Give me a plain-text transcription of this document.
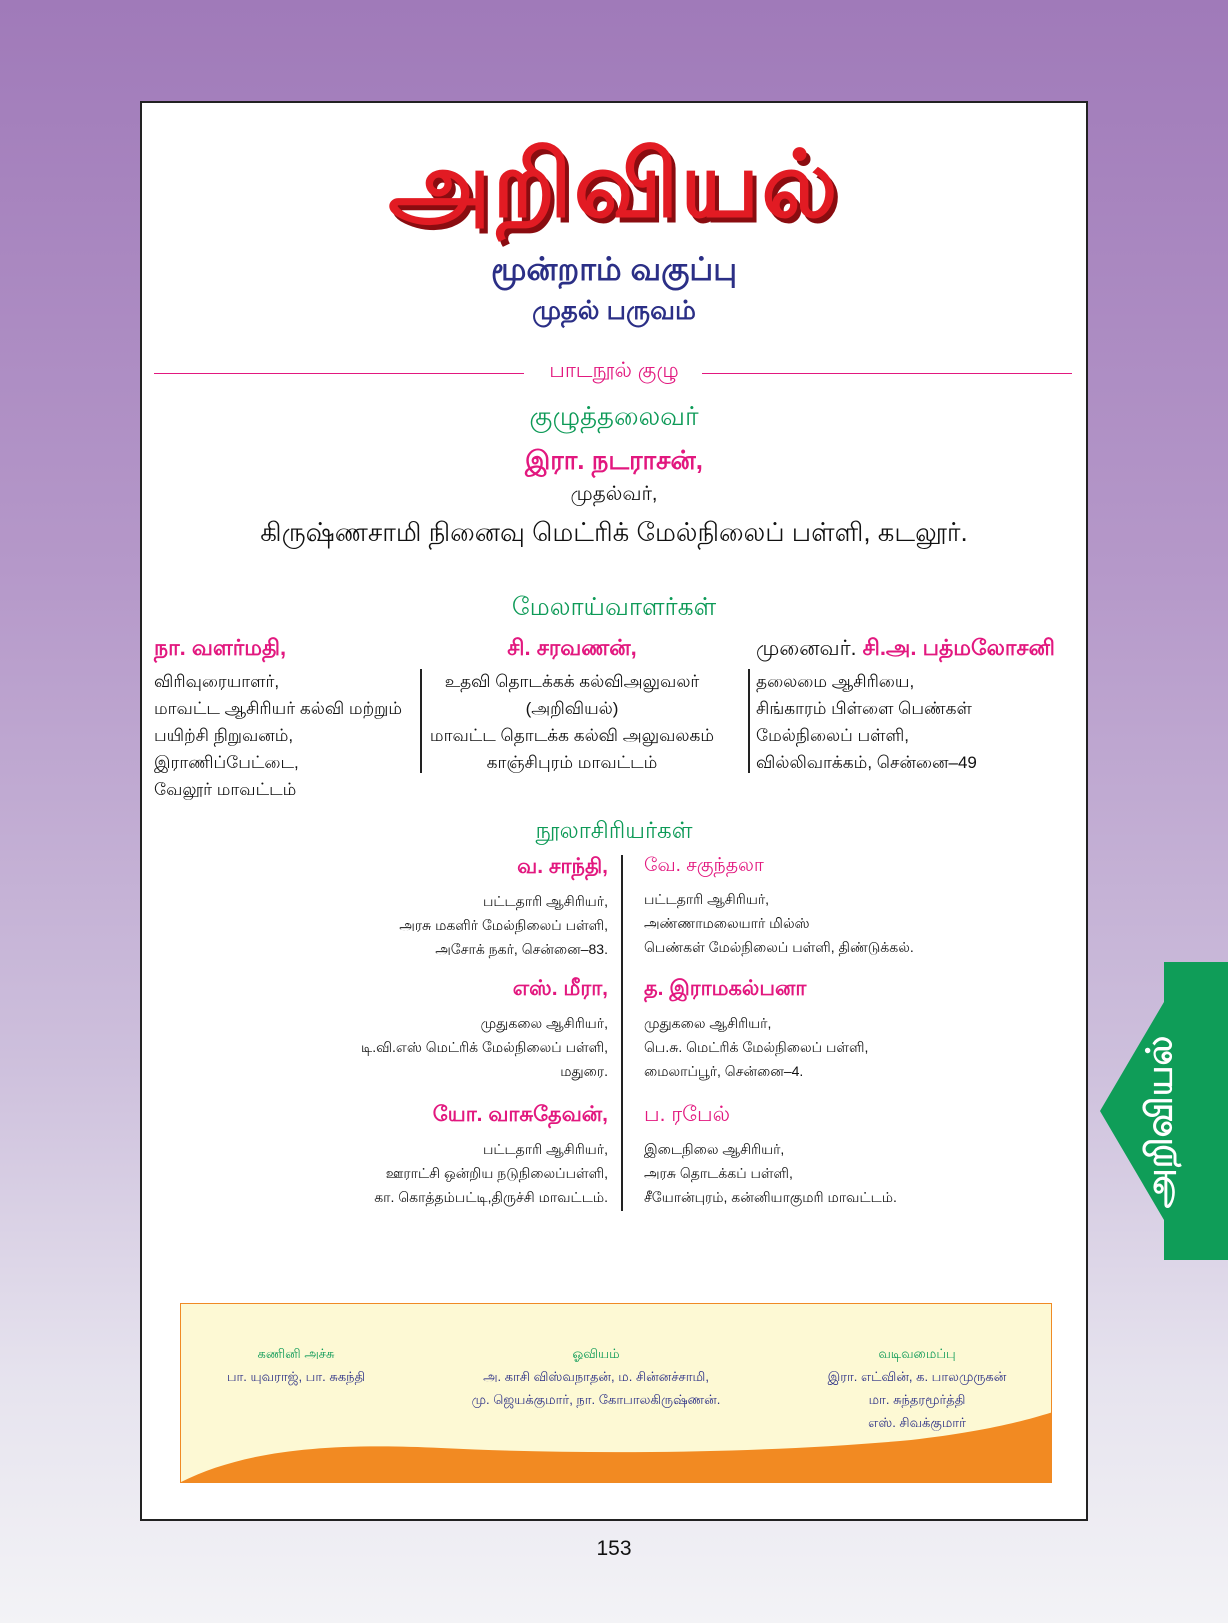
அறிவியல்
மூன்றாம் வகுப்பு
முதல் பருவம்
பாடநூல் குழு
குழுத்தலைவர்
இரா. நடராசன்,
முதல்வர்,
கிருஷ்ணசாமி நினைவு மெட்ரிக் மேல்நிலைப் பள்ளி, கடலூர்.
மேலாய்வாளர்கள்
நா. வளர்மதி,
விரிவுரையாளர்,
மாவட்ட ஆசிரியர் கல்வி மற்றும்
பயிற்சி நிறுவனம்,
இராணிப்பேட்டை,
வேலூர் மாவட்டம்
சி. சரவணன்,
உதவி தொடக்கக் கல்விஅலுவலர்
(அறிவியல்)
மாவட்ட தொடக்க கல்வி அலுவலகம்
காஞ்சிபுரம் மாவட்டம்
முனைவர். சி.அ. பத்மலோசனி
தலைமை ஆசிரியை,
சிங்காரம் பிள்ளை பெண்கள்
மேல்நிலைப் பள்ளி,
வில்லிவாக்கம், சென்னை–49
நூலாசிரியர்கள்
வ. சாந்தி,
பட்டதாரி ஆசிரியர்,
அரசு மகளிர் மேல்நிலைப் பள்ளி,
அசோக் நகர், சென்னை–83.
எஸ். மீரா,
முதுகலை ஆசிரியர்,
டி.வி.எஸ் மெட்ரிக் மேல்நிலைப் பள்ளி,
மதுரை.
யோ. வாசுதேவன்,
பட்டதாரி ஆசிரியர்,
ஊராட்சி ஒன்றிய நடுநிலைப்பள்ளி,
கா. கொத்தம்பட்டி,திருச்சி மாவட்டம்.
வே. சகுந்தலா
பட்டதாரி ஆசிரியர்,
அண்ணாமலையார் மில்ஸ்
பெண்கள் மேல்நிலைப் பள்ளி, திண்டுக்கல்.
த. இராமகல்பனா
முதுகலை ஆசிரியர்,
பெ.சு. மெட்ரிக் மேல்நிலைப் பள்ளி,
மைலாப்பூர், சென்னை–4.
ப. ரபேல்
இடைநிலை ஆசிரியர்,
அரசு தொடக்கப் பள்ளி,
சீயோன்புரம், கன்னியாகுமரி மாவட்டம்.
கணினி அச்சு
பா. யுவராஜ், பா. சுகந்தி
ஓவியம்
அ. காசி விஸ்வநாதன், ம. சின்னச்சாமி,
மு. ஜெயக்குமார், நா. கோபாலகிருஷ்ணன்.
வடிவமைப்பு
இரா. எட்வின், க. பாலமுருகன்
மா. சுந்தரமூர்த்தி
எஸ். சிவக்குமார்
அறிவியல்
153
